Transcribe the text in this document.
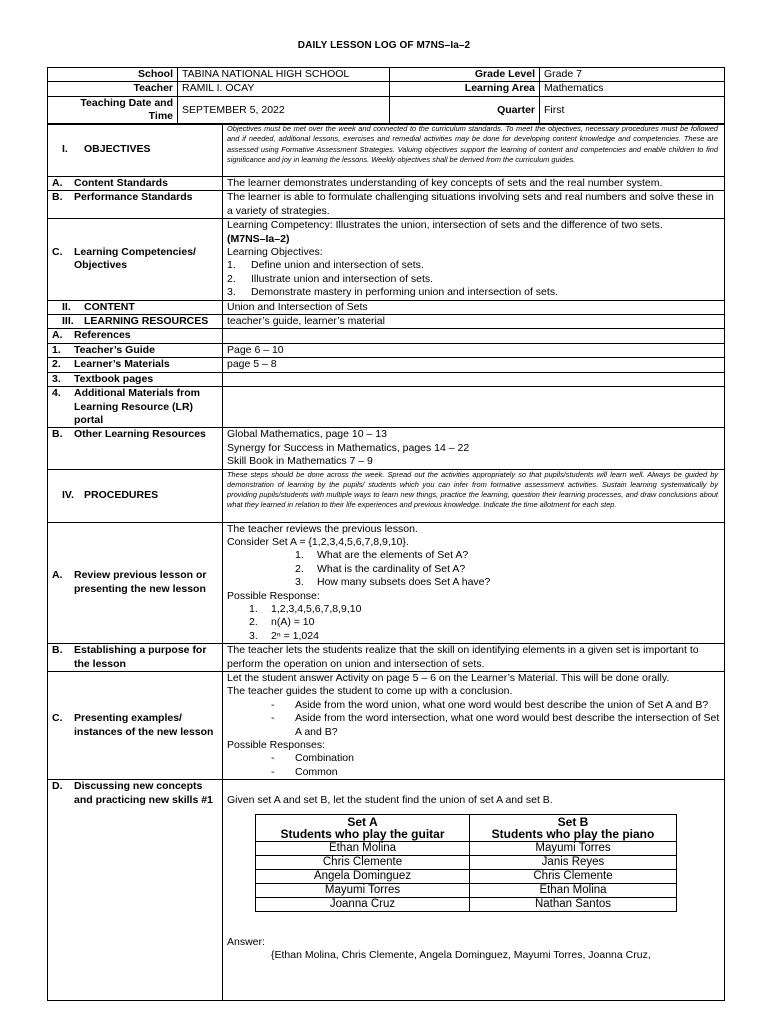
DAILY LESSON LOG OF M7NS–Ia–2
School	TABINA NATIONAL HIGH SCHOOL	Grade Level	Grade 7
Teacher	RAMIL I. OCAY	Learning Area	Mathematics
Teaching Date and
Time	SEPTEMBER 5, 2022	Quarter	First
I.	OBJECTIVES
	Objectives must be met over the week and connected to the curriculum standards. To meet the objectives, necessary procedures must be followed and if needed, additional lessons, exercises and remedial activities may be done for developing content knowledge and competencies. These are assessed using Formative Assessment Strategies. Valuing objectives support the learning of content and competencies and enable children to find significance and joy in learning the lessons. Weekly objectives shall be derived from the curriculum guides.

A.	Content Standards	The learner demonstrates understanding of key concepts of sets and the real number system.

B.	Performance Standards	The learner is able to formulate challenging situations involving sets and real numbers and solve these in a variety of strategies.

C.	Learning Competencies/ Objectives

Learning Competency: Illustrates the union, intersection of sets and the difference of two sets.
(M7NS–Ia–2)
Learning Objectives:
1.	Define union and intersection of sets.
2.	Illustrate union and intersection of sets.
3.	Demonstrate mastery in performing union and intersection of sets.

II.	CONTENT	Union and Intersection of Sets

III. LEARNING RESOURCES	teacher’s guide, learner’s material

A.	References

1.	Teacher’s Guide	Page 6 – 10

2.	Learner’s Materials	page 5 – 8

3.	Textbook pages

4.	Additional Materials from Learning Resource (LR) portal

B.	Other Learning Resources	Global Mathematics, page 10 – 13
Synergy for Success in Mathematics, pages 14 – 22
Skill Book in Mathematics 7 – 9

IV. PROCEDURES
	These steps should be done across the week. Spread out the activities appropriately so that pupils/students will learn well. Always be guided by demonstration of learning by the pupils/ students which you can infer from formative assessment activities. Sustain learning systematically by providing pupils/students with multiple ways to learn new things, practice the learning, question their learning processes, and draw conclusions about what they learned in relation to their life experiences and previous knowledge. Indicate the time allotment for each step.

A.	Review previous lesson or presenting the new lesson

The teacher reviews the previous lesson.
Consider Set A = {1,2,3,4,5,6,7,8,9,10}.
1.	What are the elements of Set A?
2.	What is the cardinality of Set A?
3.	How many subsets does Set A have?
Possible Response:
1.	1,2,3,4,5,6,7,8,9,10
2.	n(A) = 10
3.	2ⁿ = 1,024

B.	Establishing a purpose for the lesson
	The teacher lets the students realize that the skill on identifying elements in a given set is important to perform the operation on union and intersection of sets.

C.	Presenting examples/ instances of the new lesson

Let the student answer Activity on page 5 – 6 on the Learner’s Material. This will be done orally.
The teacher guides the student to come up with a conclusion.
-	Aside from the word union, what one word would best describe the union of Set A and B?
-	Aside from the word intersection, what one word would best describe the intersection of Set A and B?
Possible Responses:
-	Combination
-	Common

D.	Discussing new concepts and practicing new skills #1	Given set A and set B, let the student find the union of set A and set B.
Set A
Students who play the guitar

Set B
Students who play the piano

Ethan Molina	Mayumi Torres
Chris Clemente	Janis Reyes
Angela Dominguez	Chris Clemente
Mayumi Torres	Ethan Molina
Joanna Cruz	Nathan Santos
Answer:
{Ethan Molina, Chris Clemente, Angela Dominguez, Mayumi Torres, Joanna Cruz,
